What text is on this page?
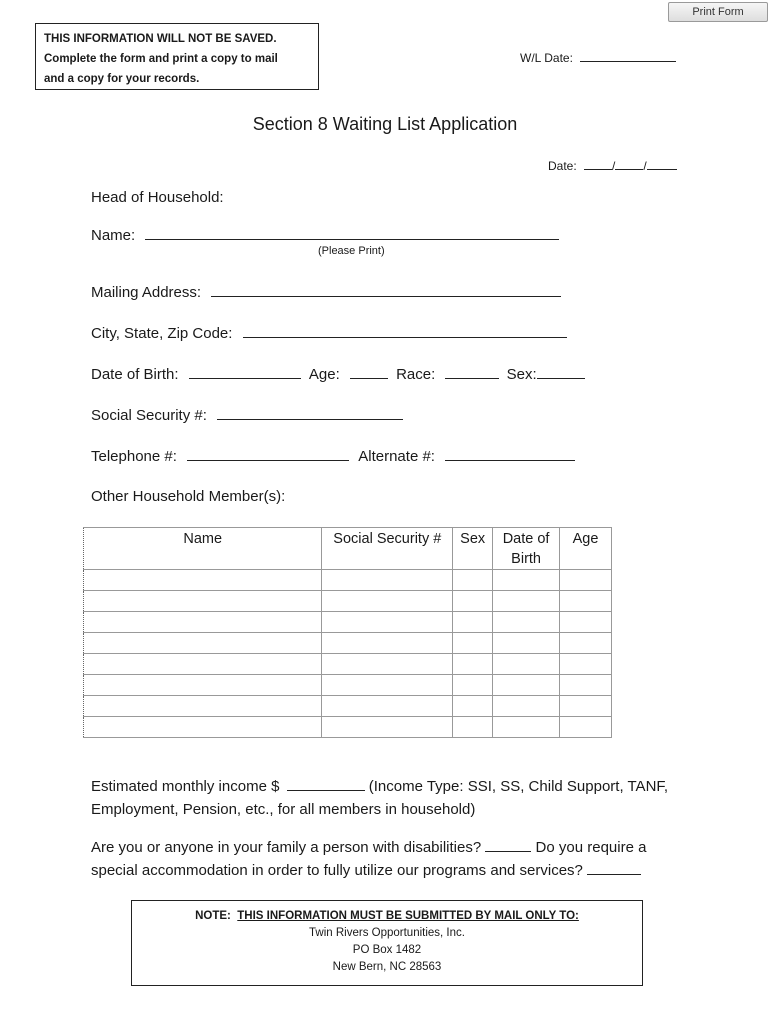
Print Form
THIS INFORMATION WILL NOT BE SAVED.
Complete the form and print a copy to mail
and a copy for your records.
W/L Date:
Section 8 Waiting List Application
Date:	/ /
Head of Household:
Name:
(Please Print)
Mailing Address:
City, State, Zip Code:
Date of Birth:	Age:	Race:	Sex:
Social Security #:
Telephone #:	Alternate #:
Other Household Member(s):
Name	Social Security #	Sex	Date of Birth	Age

Estimated monthly income $	(Income Type: SSI, SS, Child Support, TANF,
Employment, Pension, etc., for all members in household)
Are you or anyone in your family a person with disabilities?	Do you require a
special accommodation in order to fully utilize our programs and services?
NOTE: THIS INFORMATION MUST BE SUBMITTED BY MAIL ONLY TO:
Twin Rivers Opportunities, Inc.
PO Box 1482
New Bern, NC 28563
